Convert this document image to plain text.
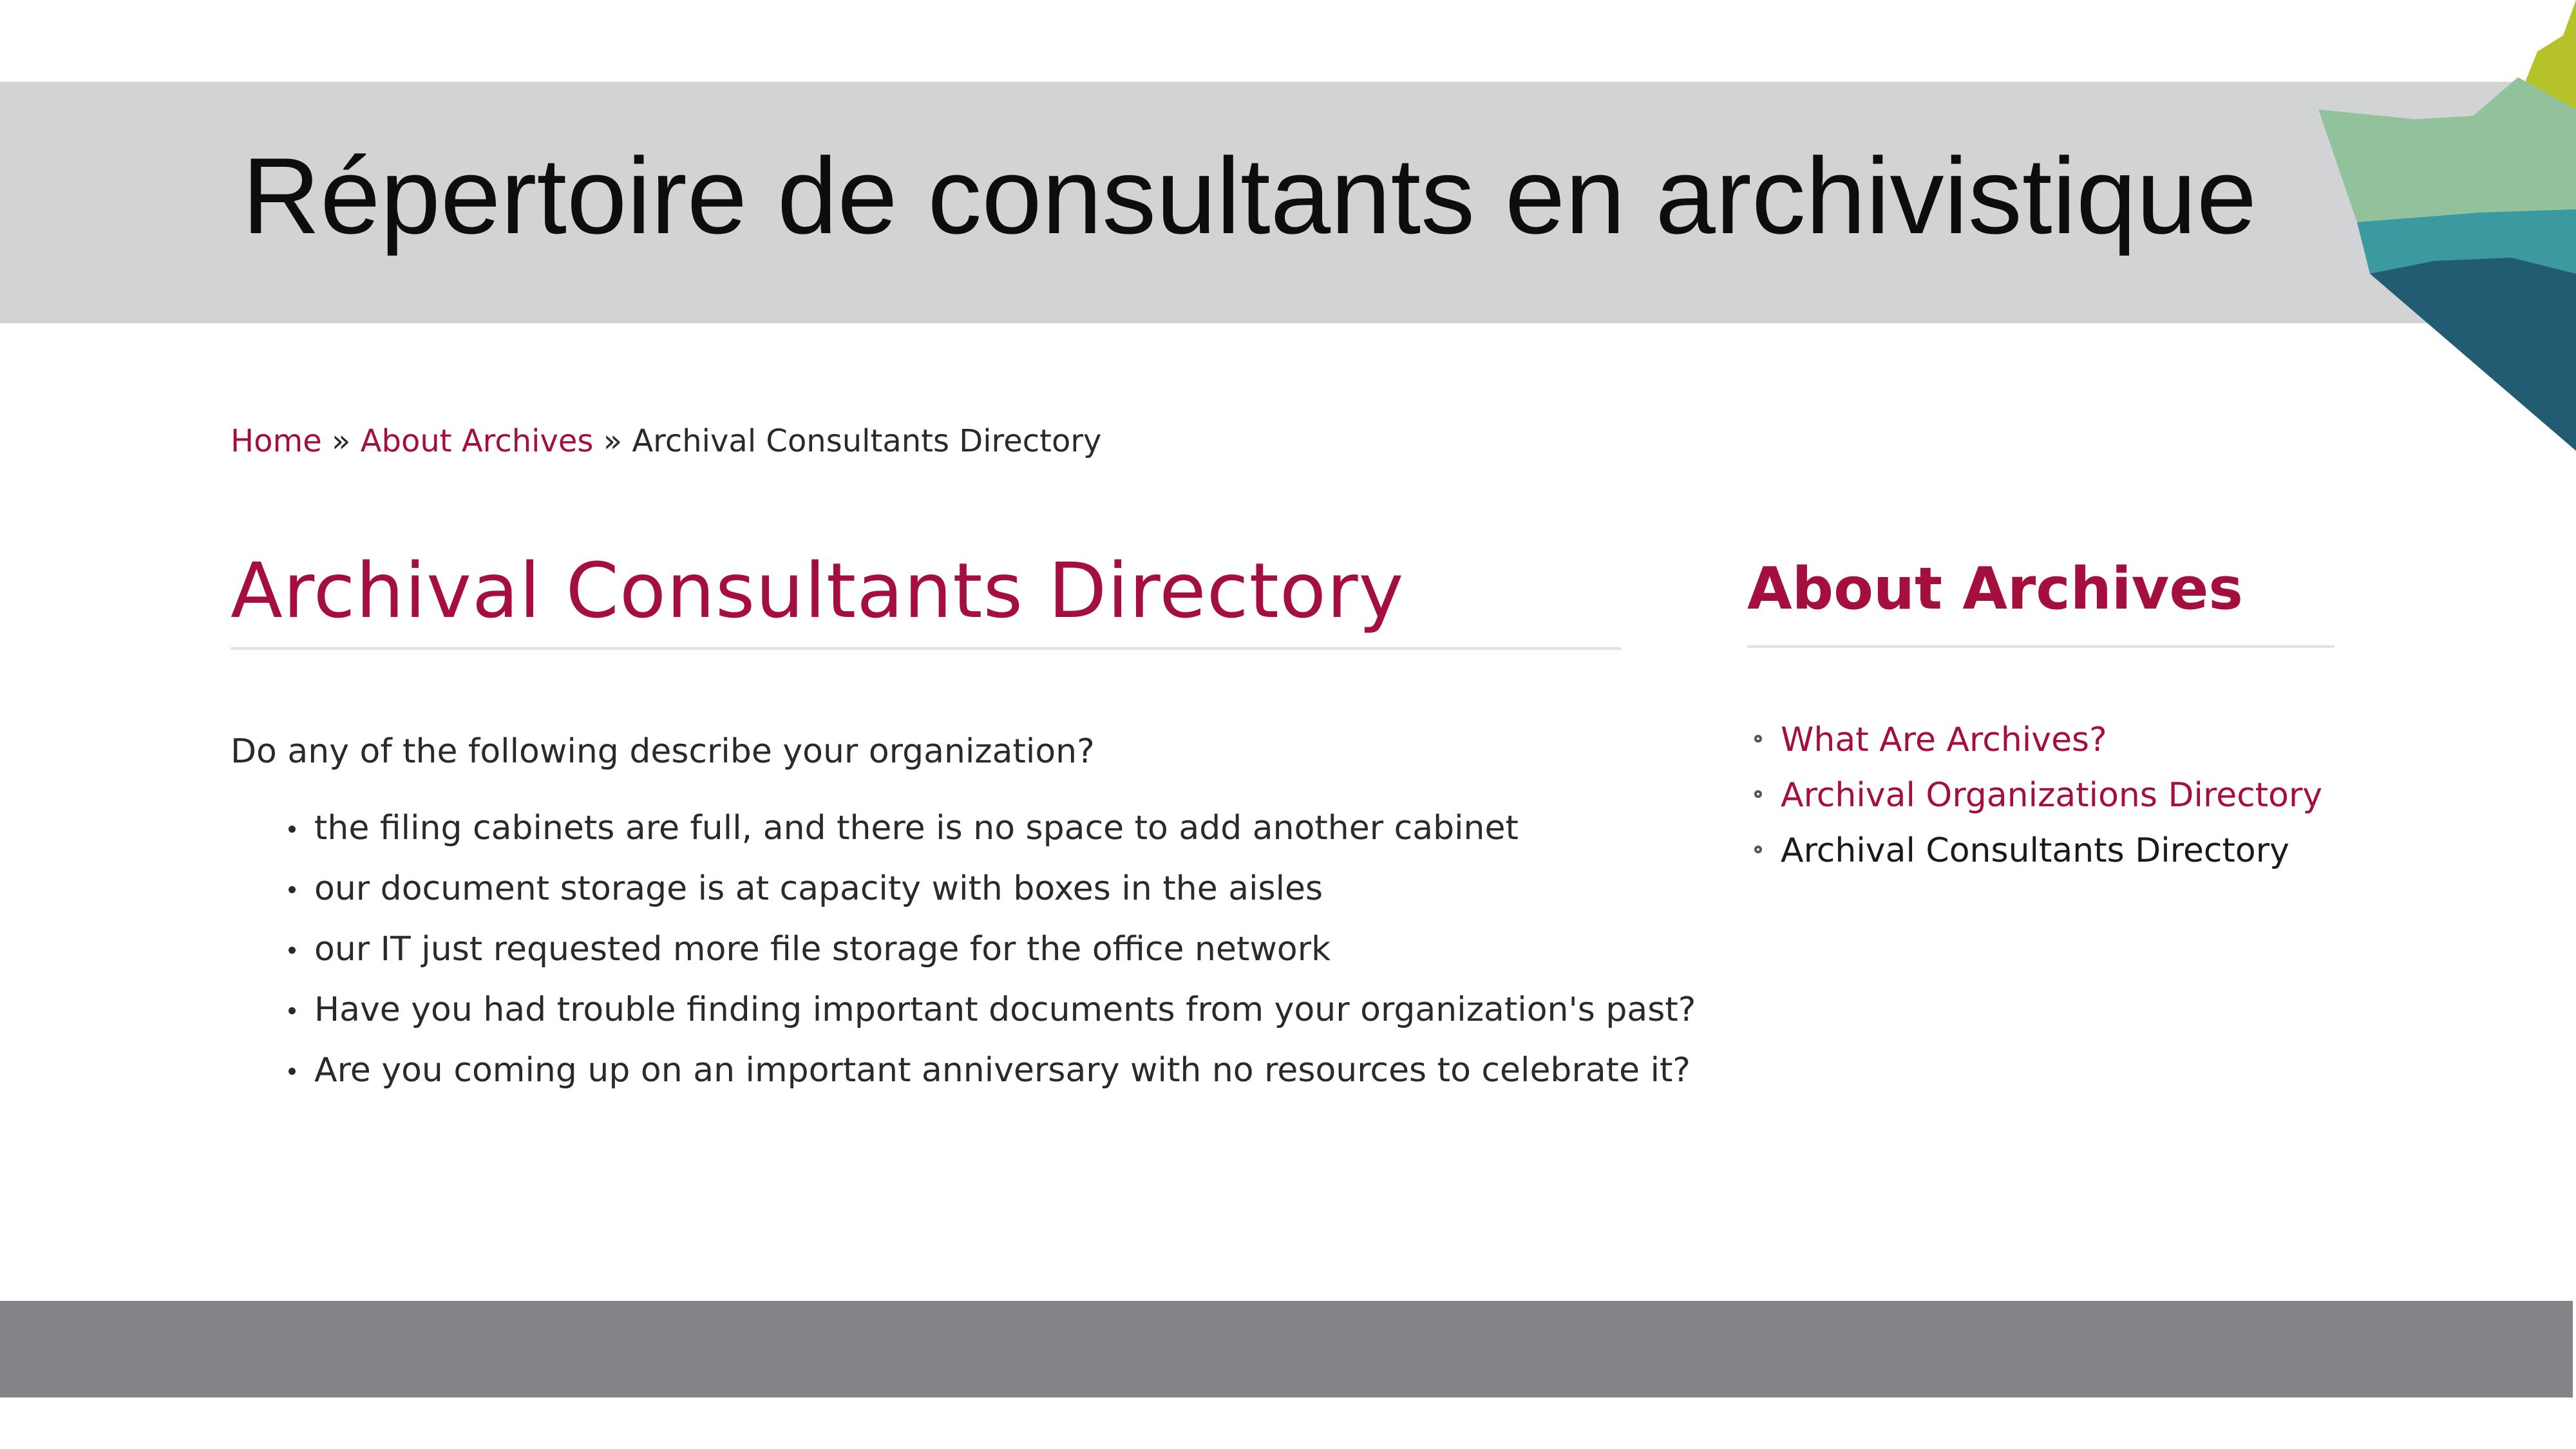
Répertoire de consultants en archivistique
Home » About Archives » Archival Consultants Directory
Archival Consultants Directory

Do any of the following describe your organization?

the filing cabinets are full, and there is no space to add another cabinet
our document storage is at capacity with boxes in the aisles
our IT just requested more file storage for the office network
Have you had trouble finding important documents from your organization's past?
Are you coming up on an important anniversary with no resources to celebrate it?
About Archives
What Are Archives?
Archival Organizations Directory
Archival Consultants Directory
